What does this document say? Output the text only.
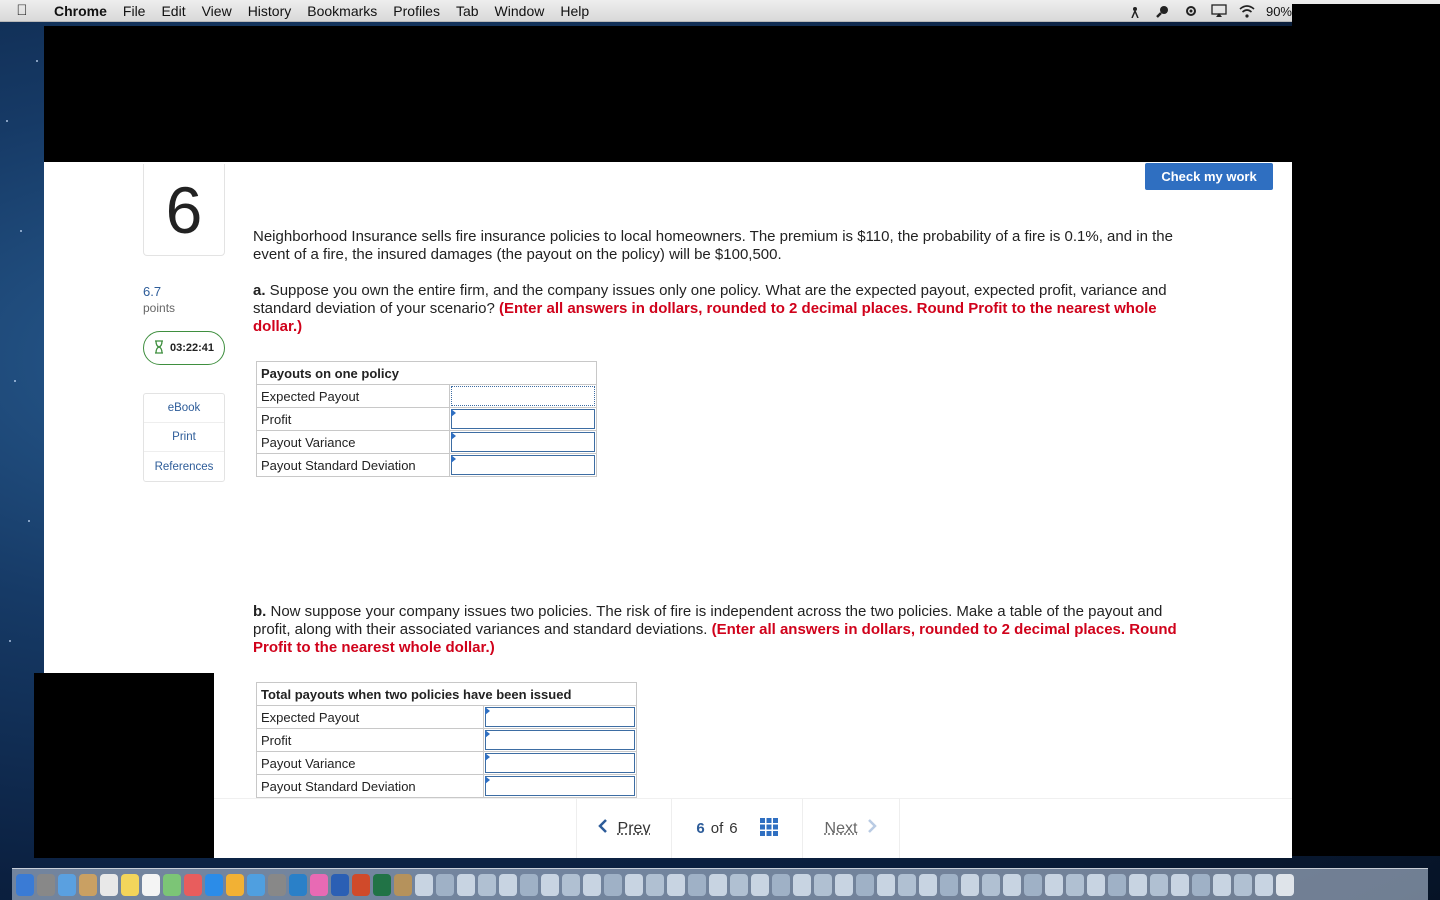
Chrome	File	Edit	View	History	Bookmarks	Profiles	Tab	Window	Help	90%
6	Check my work
6.7
points
03:22:41
eBook
Print
References

Neighborhood Insurance sells fire insurance policies to local homeowners. The premium is $110, the probability of a fire is 0.1%, and in the event of a fire, the insured damages (the payout on the policy) will be $100,500.

a. Suppose you own the entire firm, and the company issues only one policy. What are the expected payout, expected profit, variance and standard deviation of your scenario? (Enter all answers in dollars, rounded to 2 decimal places. Round Profit to the nearest whole dollar.)

Payouts on one policy	
Expected Payout	

Profit	

Payout Variance	

Payout Standard Deviation	

b. Now suppose your company issues two policies. The risk of fire is independent across the two policies. Make a table of the payout and profit, along with their associated variances and standard deviations. (Enter all answers in dollars, rounded to 2 decimal places. Round Profit to the nearest whole dollar.)

Total payouts when two policies have been issued	
Expected Payout	

Profit	

Payout Variance	

Payout Standard Deviation	
Prev	6 of 6	Next
